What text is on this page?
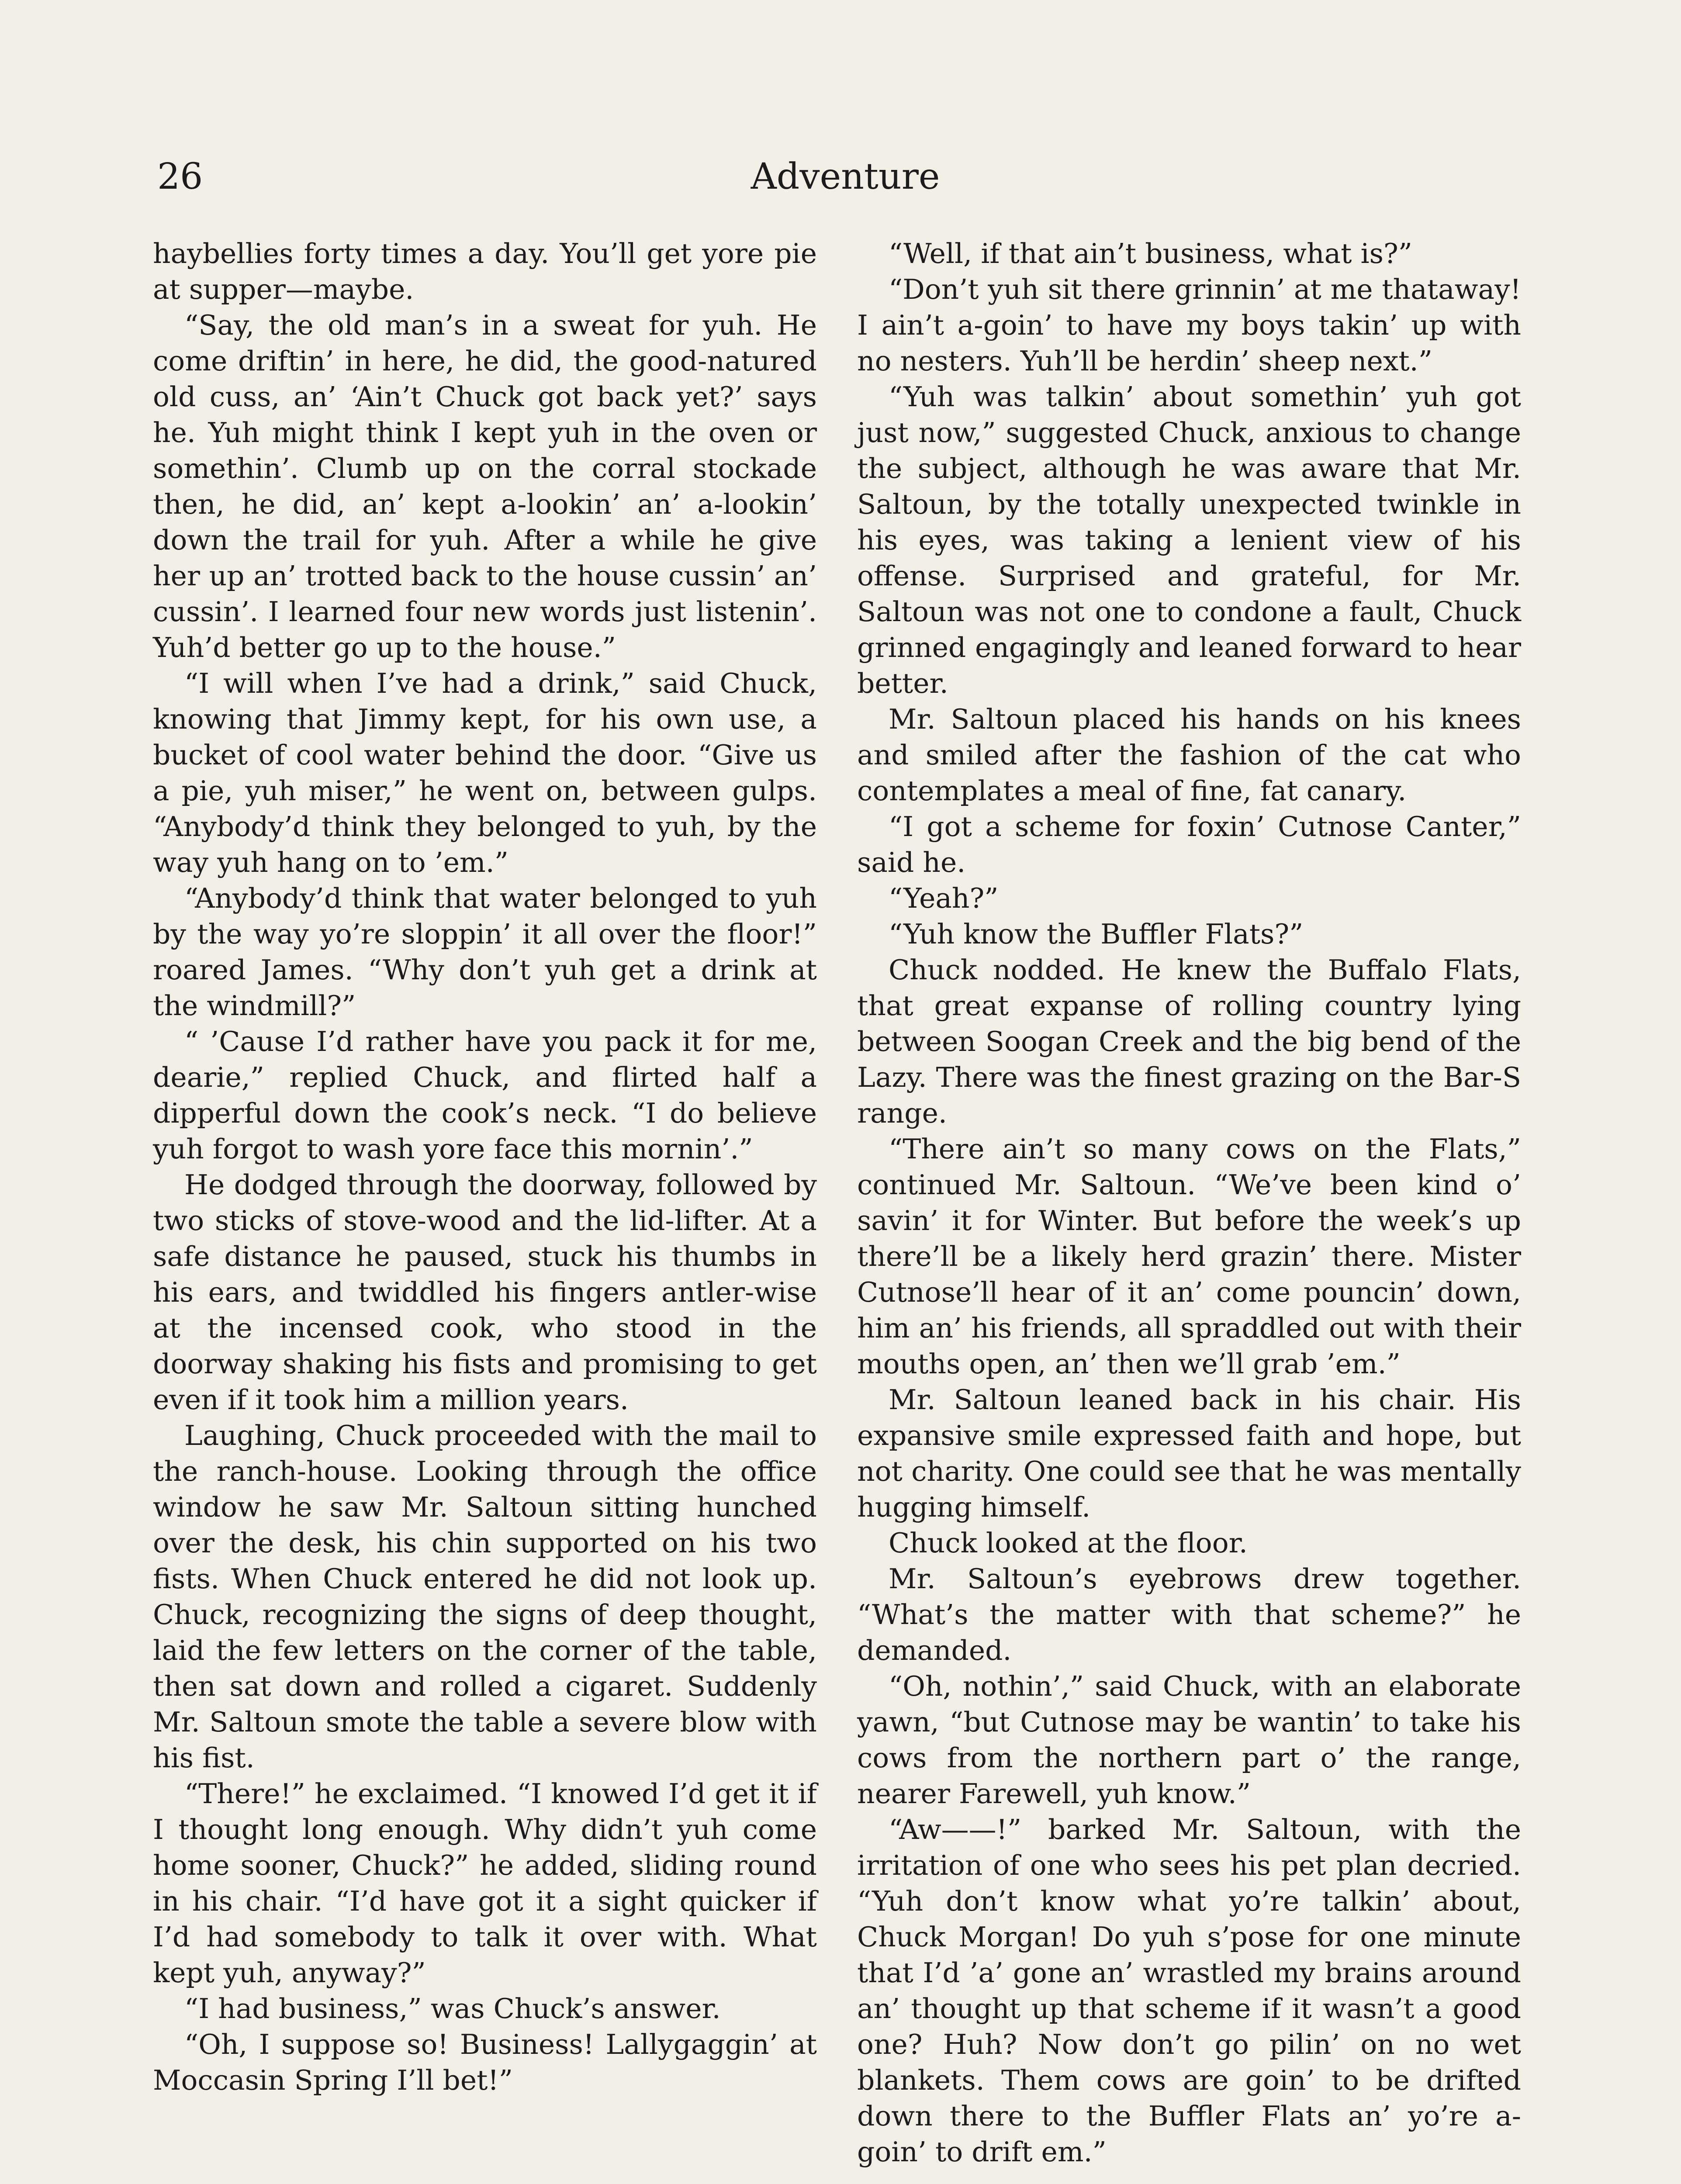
26	Adventure

haybellies forty times a day. You’ll get yore pie at supper—maybe.

“Say, the old man’s in a sweat for yuh. He come driftin’ in here, he did, the good-natured old cuss, an’ ‘Ain’t Chuck got back yet?’ says he. Yuh might think I kept yuh in the oven or somethin’. Clumb up on the corral stockade then, he did, an’ kept a-lookin’ an’ a-lookin’ down the trail for yuh. After a while he give her up an’ trotted back to the house cussin’ an’ cussin’. I learned four new words just listenin’. Yuh’d better go up to the house.”

“I will when I’ve had a drink,” said Chuck, knowing that Jimmy kept, for his own use, a bucket of cool water behind the door. “Give us a pie, yuh miser,” he went on, between gulps. “Anybody’d think they belonged to yuh, by the way yuh hang on to ’em.”

“Anybody’d think that water belonged to yuh by the way yo’re sloppin’ it all over the floor!” roared James. “Why don’t yuh get a drink at the windmill?”

“ ’Cause I’d rather have you pack it for me, dearie,” replied Chuck, and flirted half a dipperful down the cook’s neck. “I do believe yuh forgot to wash yore face this mornin’.”

He dodged through the doorway, followed by two sticks of stove-wood and the lid-lifter. At a safe distance he paused, stuck his thumbs in his ears, and twiddled his fingers antler-wise at the incensed cook, who stood in the doorway shaking his fists and promising to get even if it took him a million years.

Laughing, Chuck proceeded with the mail to the ranch-house. Looking through the office window he saw Mr. Saltoun sitting hunched over the desk, his chin supported on his two fists. When Chuck entered he did not look up. Chuck, recognizing the signs of deep thought, laid the few letters on the corner of the table, then sat down and rolled a cigaret. Suddenly Mr. Saltoun smote the table a severe blow with his fist.

“There!” he exclaimed. “I knowed I’d get it if I thought long enough. Why didn’t yuh come home sooner, Chuck?” he added, sliding round in his chair. “I’d have got it a sight quicker if I’d had somebody to talk it over with. What kept yuh, anyway?”

“I had business,” was Chuck’s answer.

“Oh, I suppose so! Business! Lallygaggin’ at Moccasin Spring I’ll bet!”

“Well, if that ain’t business, what is?”

“Don’t yuh sit there grinnin’ at me thataway! I ain’t a-goin’ to have my boys takin’ up with no nesters. Yuh’ll be herdin’ sheep next.”

“Yuh was talkin’ about somethin’ yuh got just now,” suggested Chuck, anxious to change the subject, although he was aware that Mr. Saltoun, by the totally unexpected twinkle in his eyes, was taking a lenient view of his offense. Surprised and grateful, for Mr. Saltoun was not one to condone a fault, Chuck grinned engagingly and leaned forward to hear better.

Mr. Saltoun placed his hands on his knees and smiled after the fashion of the cat who contemplates a meal of fine, fat canary.

“I got a scheme for foxin’ Cutnose Canter,” said he.

“Yeah?”

“Yuh know the Buffler Flats?”

Chuck nodded. He knew the Buffalo Flats, that great expanse of rolling country lying between Soogan Creek and the big bend of the Lazy. There was the finest grazing on the Bar-S range.

“There ain’t so many cows on the Flats,” continued Mr. Saltoun. “We’ve been kind o’ savin’ it for Winter. But before the week’s up there’ll be a likely herd grazin’ there. Mister Cutnose’ll hear of it an’ come pouncin’ down, him an’ his friends, all spraddled out with their mouths open, an’ then we’ll grab ’em.”

Mr. Saltoun leaned back in his chair. His expansive smile expressed faith and hope, but not charity. One could see that he was mentally hugging himself.

Chuck looked at the floor.

Mr. Saltoun’s eyebrows drew together. “What’s the matter with that scheme?” he demanded.

“Oh, nothin’,” said Chuck, with an elaborate yawn, “but Cutnose may be wantin’ to take his cows from the northern part o’ the range, nearer Farewell, yuh know.”

“Aw——!” barked Mr. Saltoun, with the irritation of one who sees his pet plan decried. “Yuh don’t know what yo’re talkin’ about, Chuck Morgan! Do yuh s’pose for one minute that I’d ’a’ gone an’ wrastled my brains around an’ thought up that scheme if it wasn’t a good one? Huh? Now don’t go pilin’ on no wet blankets. Them cows are goin’ to be drifted down there to the Buffler Flats an’ yo’re a-goin’ to drift em.”
